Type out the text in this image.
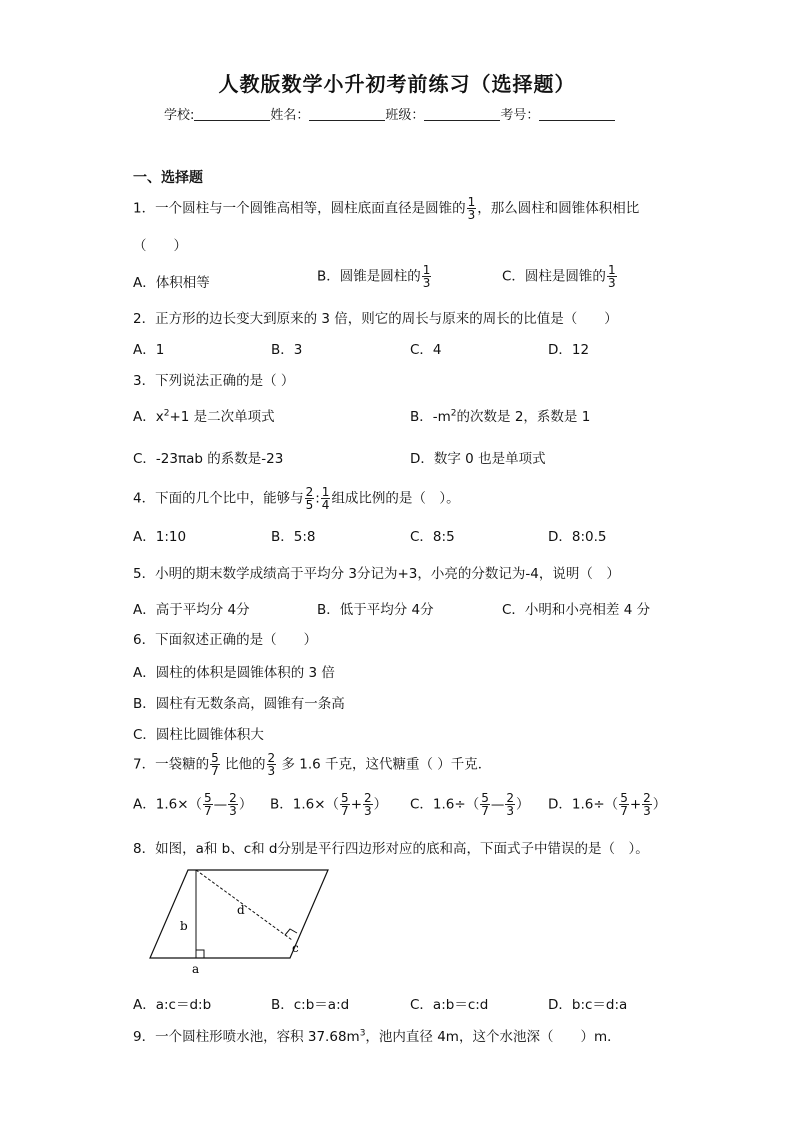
人教版数学小升初考前练习（选择题）
学校:	姓名：	班级：	考号：
一、选择题
1．一个圆柱与一个圆锥高相等，圆柱底面直径是圆锥的 $\frac{1}{3}$ ，那么圆柱和圆锥体积相比
（　　）
A．体积相等	B．圆锥是圆柱的 $\frac{1}{3}$	C．圆柱是圆锥的 $\frac{1}{3}$
2．正方形的边长变大到原来的 3 倍，则它的周长与原来的周长的比值是（　　）
A．1	B．3	C．4	D．12
3．下列说法正确的是（ ）
A．$x^2+1$ 是二次单项式	B．$-m^2$的次数是 2，系数是 1
C．-23πab 的系数是-23	D．数字 0 也是单项式
4．下面的几个比中，能够与 $\frac{2}{5}$ : $\frac{1}{4}$ 组成比例的是（　）。
A．1:10	B．5:8	C．8:5	D．8:0.5
5．小明的期末数学成绩高于平均分 3分记为+3，小亮的分数记为-4，说明（　）
A．高于平均分 4分	B．低于平均分 4分	C．小明和小亮相差 4 分
6．下面叙述正确的是（　　）
A．圆柱的体积是圆锥体积的 3 倍
B．圆柱有无数条高，圆锥有一条高
C．圆柱比圆锥体积大
7．一袋糖的 $\frac{5}{7}$ 比他的 $\frac{2}{3}$ 多 1.6 千克，这代糖重（ ）千克．
A．$1.6\times( \frac{5}{7}$ — $\frac{2}{3}$ ） B．$1.6\times( \frac{5}{7} + \frac{2}{3}$ ） C．$1.6\div( \frac{5}{7}$ — $\frac{2}{3}$ ） D．$1.6\div( \frac{5}{7} + \frac{2}{3}$ ）
8．如图，a和 b、c和 d分别是平行四边形对应的底和高，下面式子中错误的是（　）。
b
d
c
a
A．a:c＝d:b	B．c:b＝a:d	C．a:b＝c:d	D．b:c＝d:a
9．一个圆柱形喷水池，容积 $37.68m^3$，池内直径 4m，这个水池深（　　）m．
